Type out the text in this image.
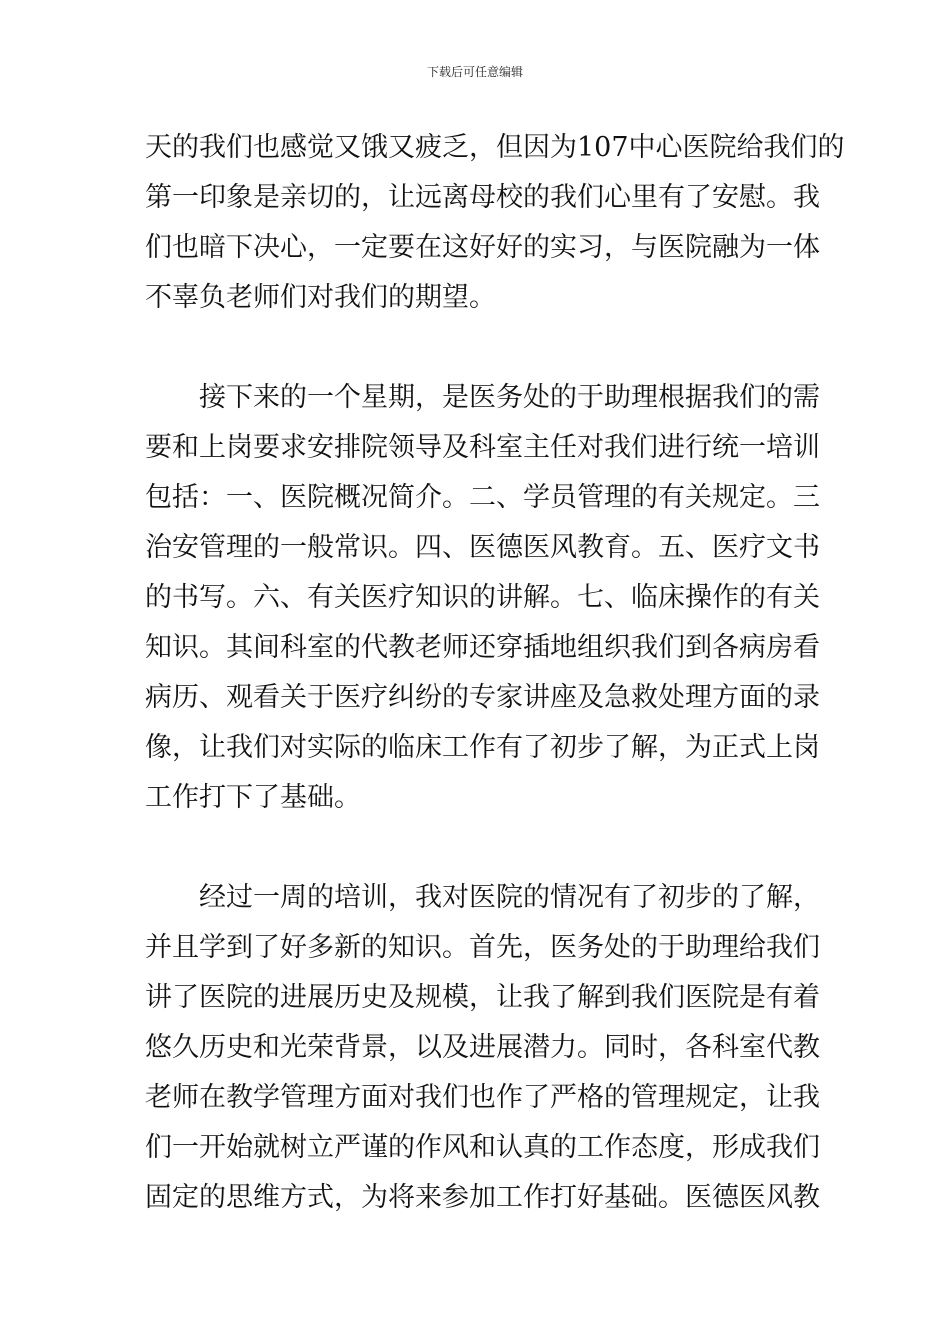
下载后可任意编辑
天的我们也感觉又饿又疲乏，但因为107中心医院给我们的
第一印象是亲切的，让远离母校的我们心里有了安慰。我
们也暗下决心，一定要在这好好的实习，与医院融为一体
不辜负老师们对我们的期望。
　　接下来的一个星期，是医务处的于助理根据我们的需
要和上岗要求安排院领导及科室主任对我们进行统一培训
包括：一、医院概况简介。二、学员管理的有关规定。三
治安管理的一般常识。四、医德医风教育。五、医疗文书
的书写。六、有关医疗知识的讲解。七、临床操作的有关
知识。其间科室的代教老师还穿插地组织我们到各病房看
病历、观看关于医疗纠纷的专家讲座及急救处理方面的录
像，让我们对实际的临床工作有了初步了解，为正式上岗
工作打下了基础。
　　经过一周的培训，我对医院的情况有了初步的了解，
并且学到了好多新的知识。首先，医务处的于助理给我们
讲了医院的进展历史及规模，让我了解到我们医院是有着
悠久历史和光荣背景，以及进展潜力。同时，各科室代教
老师在教学管理方面对我们也作了严格的管理规定，让我
们一开始就树立严谨的作风和认真的工作态度，形成我们
固定的思维方式，为将来参加工作打好基础。医德医风教
